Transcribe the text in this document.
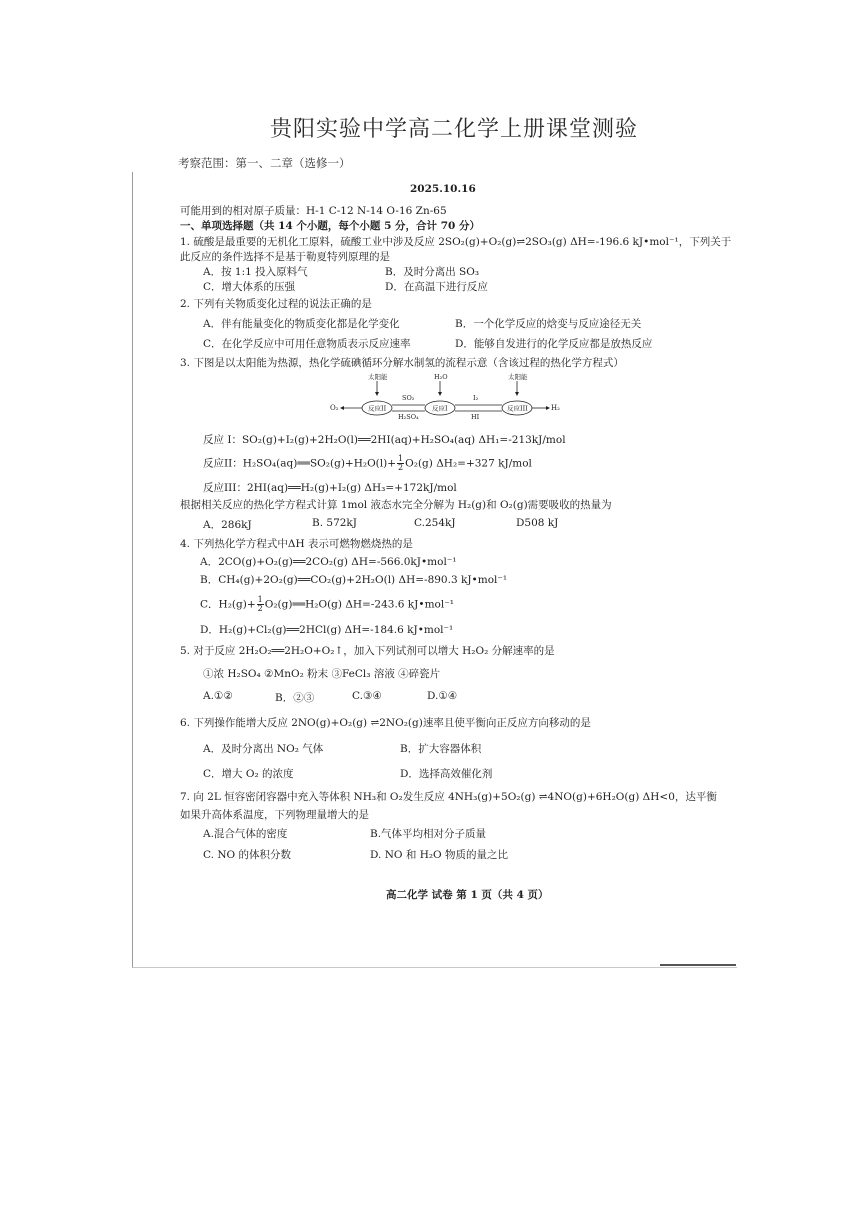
贵阳实验中学高二化学上册课堂测验
考察范围：第一、二章（选修一）
2025.10.16
可能用到的相对原子质量：H-1 C-12 N-14 O-16 Zn-65
一、单项选择题（共 14 个小题，每个小题 5 分，合计 70 分）
1. 硫酸是最重要的无机化工原料，硫酸工业中涉及反应 2SO₂(g)+O₂(g)⇌2SO₃(g) ΔH=-196.6 kJ•mol⁻¹，下列关于
此反应的条件选择不是基于勒夏特列原理的是
A．按 1:1 投入原料气	B．及时分离出 SO₃
C．增大体系的压强	D．在高温下进行反应
2. 下列有关物质变化过程的说法正确的是
A．伴有能量变化的物质变化都是化学变化	B．一个化学反应的焓变与反应途径无关
C．在化学反应中可用任意物质表示反应速率	D．能够自发进行的化学反应都是放热反应
3. 下图是以太阳能为热源，热化学硫碘循环分解水制氢的流程示意（含该过程的热化学方程式）
太阳能	H₂O	太阳能
O₂	反应II
SO₂
H₂SO₄
反应I
I₂
HI
反应III	H₂
反应 I：SO₂(g)+I₂(g)+2H₂O(l)══2HI(aq)+H₂SO₄(aq) ΔH₁=-213kJ/mol
反应II：H₂SO₄(aq)══SO₂(g)+H₂O(l)+ $\frac{1}{2} O_2(g)$ ΔH₂=+327 kJ/mol
反应III：2HI(aq)══H₂(g)+I₂(g) ΔH₃=+172kJ/mol
根据相关反应的热化学方程式计算 1mol 液态水完全分解为 H₂(g)和 O₂(g)需要吸收的热量为
A．286kJ	B. 572kJ	C.254kJ	D508 kJ
4. 下列热化学方程式中ΔH 表示可燃物燃烧热的是
A．2CO(g)+O₂(g)══2CO₂(g) ΔH=-566.0kJ•mol⁻¹
B．CH₄(g)+2O₂(g)══CO₂(g)+2H₂O(l) ΔH=-890.3 kJ•mol⁻¹
C．$H_2(g)+ \frac{1}{2}$ O₂(g)══H₂O(g) ΔH=-243.6 kJ•mol⁻¹
D．H₂(g)+Cl₂(g)══2HCl(g) ΔH=-184.6 kJ•mol⁻¹
5. 对于反应 2H₂O₂══2H₂O+O₂↑，加入下列试剂可以增大 H₂O₂ 分解速率的是
①浓 H₂SO₄ ②MnO₂ 粉末 ③FeCl₃ 溶液 ④碎瓷片
A.①②	B．②③	C.③④	D.①④
6. 下列操作能增大反应 2NO(g)+O₂(g) ⇌2NO₂(g)速率且使平衡向正反应方向移动的是
A．及时分离出 NO₂ 气体	B．扩大容器体积
C．增大 O₂ 的浓度	D．选择高效催化剂
7. 向 2L 恒容密闭容器中充入等体积 NH₃和 O₂发生反应 4NH₃(g)+5O₂(g) ⇌4NO(g)+6H₂O(g) ΔH<0，达平衡
如果升高体系温度，下列物理量增大的是
A.混合气体的密度	B.气体平均相对分子质量
C. NO 的体积分数	D. NO 和 H₂O 物质的量之比
高二化学 试卷 第 1 页（共 4 页）
